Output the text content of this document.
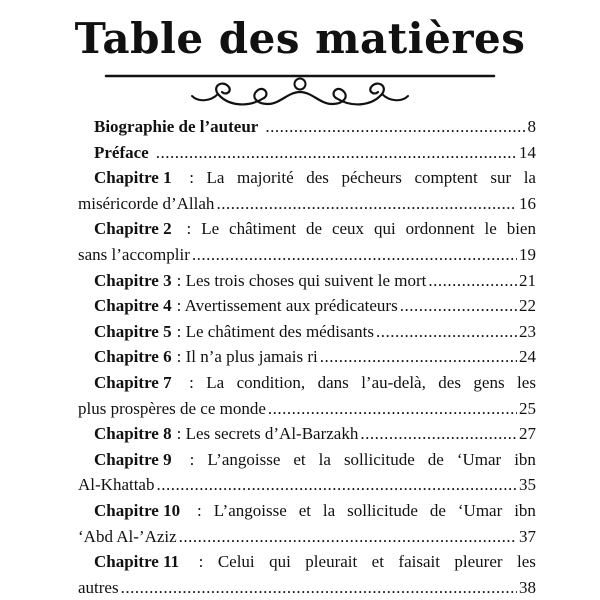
Table des matières
Biographie de l’auteur .....	8
Préface .....	14
Chapitre 1 : La majorité des pécheurs comptent sur la
miséricorde d’Allah .....	16
Chapitre 2 : Le châtiment de ceux qui ordonnent le bien
sans l’accomplir .....	19
Chapitre 3 : Les trois choses qui suivent le mort .....	21
Chapitre 4 : Avertissement aux prédicateurs .....	22
Chapitre 5 : Le châtiment des médisants .....	23
Chapitre 6 : Il n’a plus jamais ri .....	24
Chapitre 7 : La condition, dans l’au-delà, des gens les
plus prospères de ce monde .....	25
Chapitre 8 : Les secrets d’Al-Barzakh .....	27
Chapitre 9 : L’angoisse et la sollicitude de ‘Umar ibn
Al-Khattab .....	35
Chapitre 10 : L’angoisse et la sollicitude de ‘Umar ibn
‘Abd Al-’Aziz .....	37
Chapitre 11 : Celui qui pleurait et faisait pleurer les
autres .....	38
